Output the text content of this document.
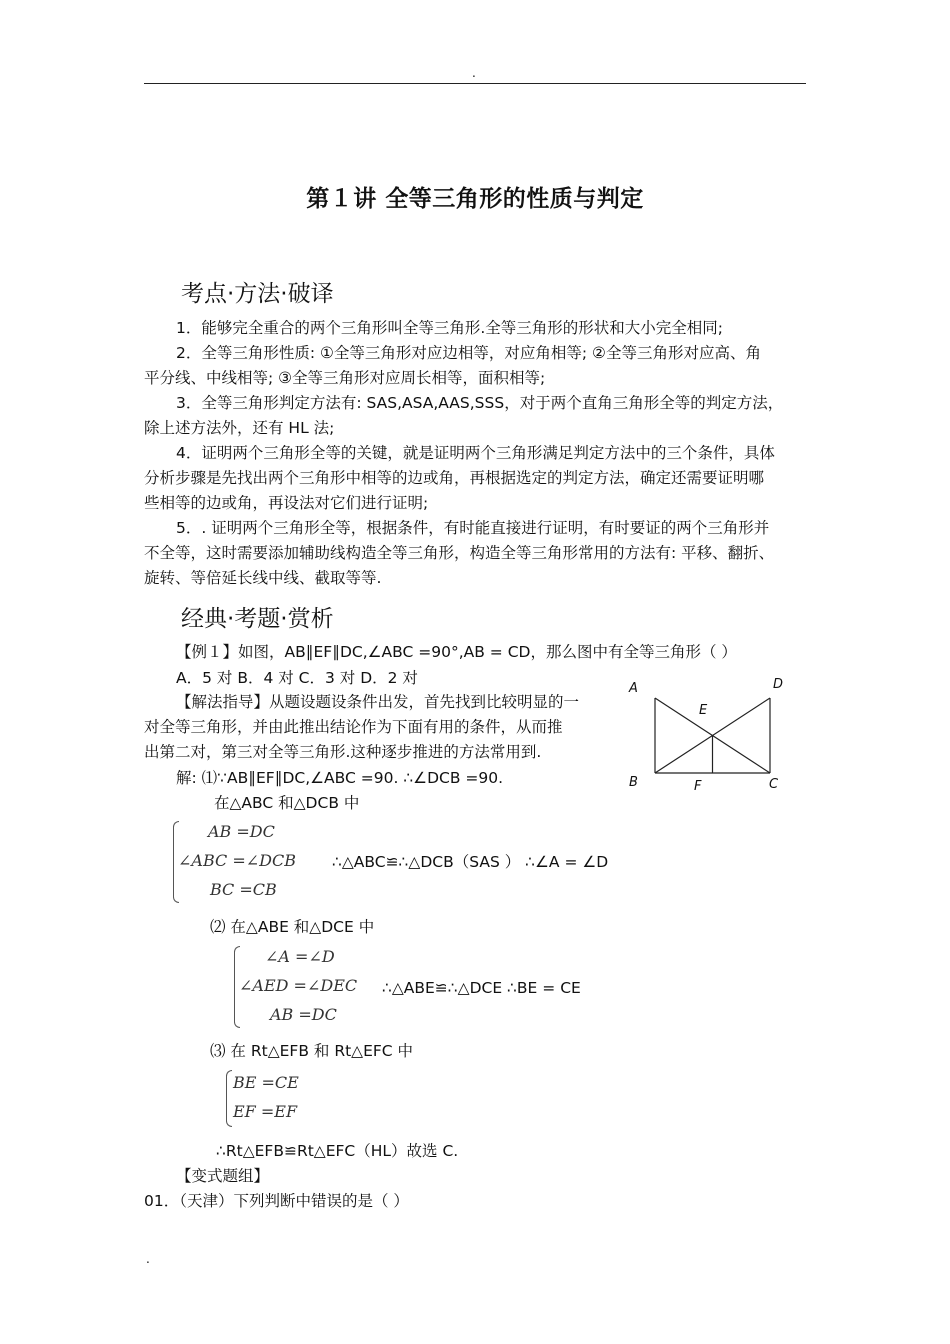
.
第１讲 全等三角形的性质与判定
考点·方法·破译
1．能够完全重合的两个三角形叫全等三角形.全等三角形的形状和大小完全相同;
2．全等三角形性质: ①全等三角形对应边相等，对应角相等; ②全等三角形对应高、角
平分线、中线相等; ③全等三角形对应周长相等，面积相等;
3．全等三角形判定方法有: SAS,ASA,AAS,SSS，对于两个直角三角形全等的判定方法，
除上述方法外，还有 HL 法;
4．证明两个三角形全等的关键，就是证明两个三角形满足判定方法中的三个条件，具体
分析步骤是先找出两个三角形中相等的边或角，再根据选定的判定方法，确定还需要证明哪
些相等的边或角，再设法对它们进行证明;
5．. 证明两个三角形全等，根据条件，有时能直接进行证明，有时要证的两个三角形并
不全等，这时需要添加辅助线构造全等三角形，构造全等三角形常用的方法有: 平移、翻折、
旋转、等倍延长线中线、截取等等.
经典·考题·赏析
【例１】如图，AB∥EF∥DC,∠ABC =90°,AB = CD，那么图中有全等三角形（ ）
A．5 对 B．4 对 C．3 对 D．2 对
【解法指导】从题设题设条件出发，首先找到比较明显的一
对全等三角形，并由此推出结论作为下面有用的条件，从而推
出第二对，第三对全等三角形.这种逐步推进的方法常用到.
解: ⑴∵AB∥EF∥DC,∠ABC =90. ∴∠DCB =90.
在△ABC 和△DCB 中
AB =DC
∠ABC =∠DCB
BC =CB
∴△ABC≌∴△DCB（SAS ） ∴∠A = ∠D
⑵ 在△ABE 和△DCE 中
∠A =∠D
∠AED =∠DEC
AB =DC
∴△ABE≌∴△DCE ∴BE = CE
⑶ 在 Rt△EFB 和 Rt△EFC 中
BE =CE
EF =EF
∴Rt△EFB≌Rt△EFC（HL）故选 C.
【变式题组】
01．（天津）下列判断中错误的是（ ）
A	D
E
B	F	C
.
